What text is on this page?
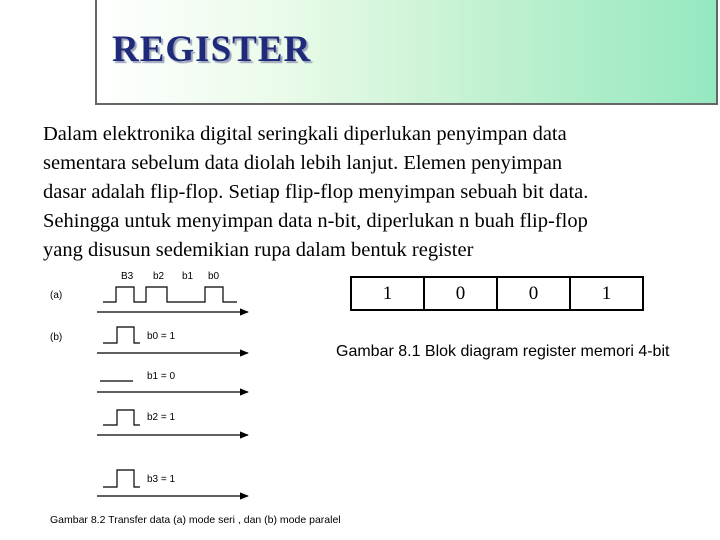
REGISTER
Dalam elektronika digital seringkali diperlukan penyimpan data
sementara sebelum data diolah lebih lanjut. Elemen penyimpan
dasar adalah flip-flop. Setiap flip-flop menyimpan sebuah bit data.
Sehingga untuk menyimpan data n-bit, diperlukan n buah flip-flop
yang disusun sedemikian rupa dalam bentuk register
(a)
B3 b2 b1 b0
(b)	b0 = 1
b1 = 0
b2 = 1
b3 = 1
1	0	0	1
Gambar 8.1 Blok diagram register memori 4-bit
Gambar 8.2 Transfer data (a) mode seri , dan (b) mode paralel
